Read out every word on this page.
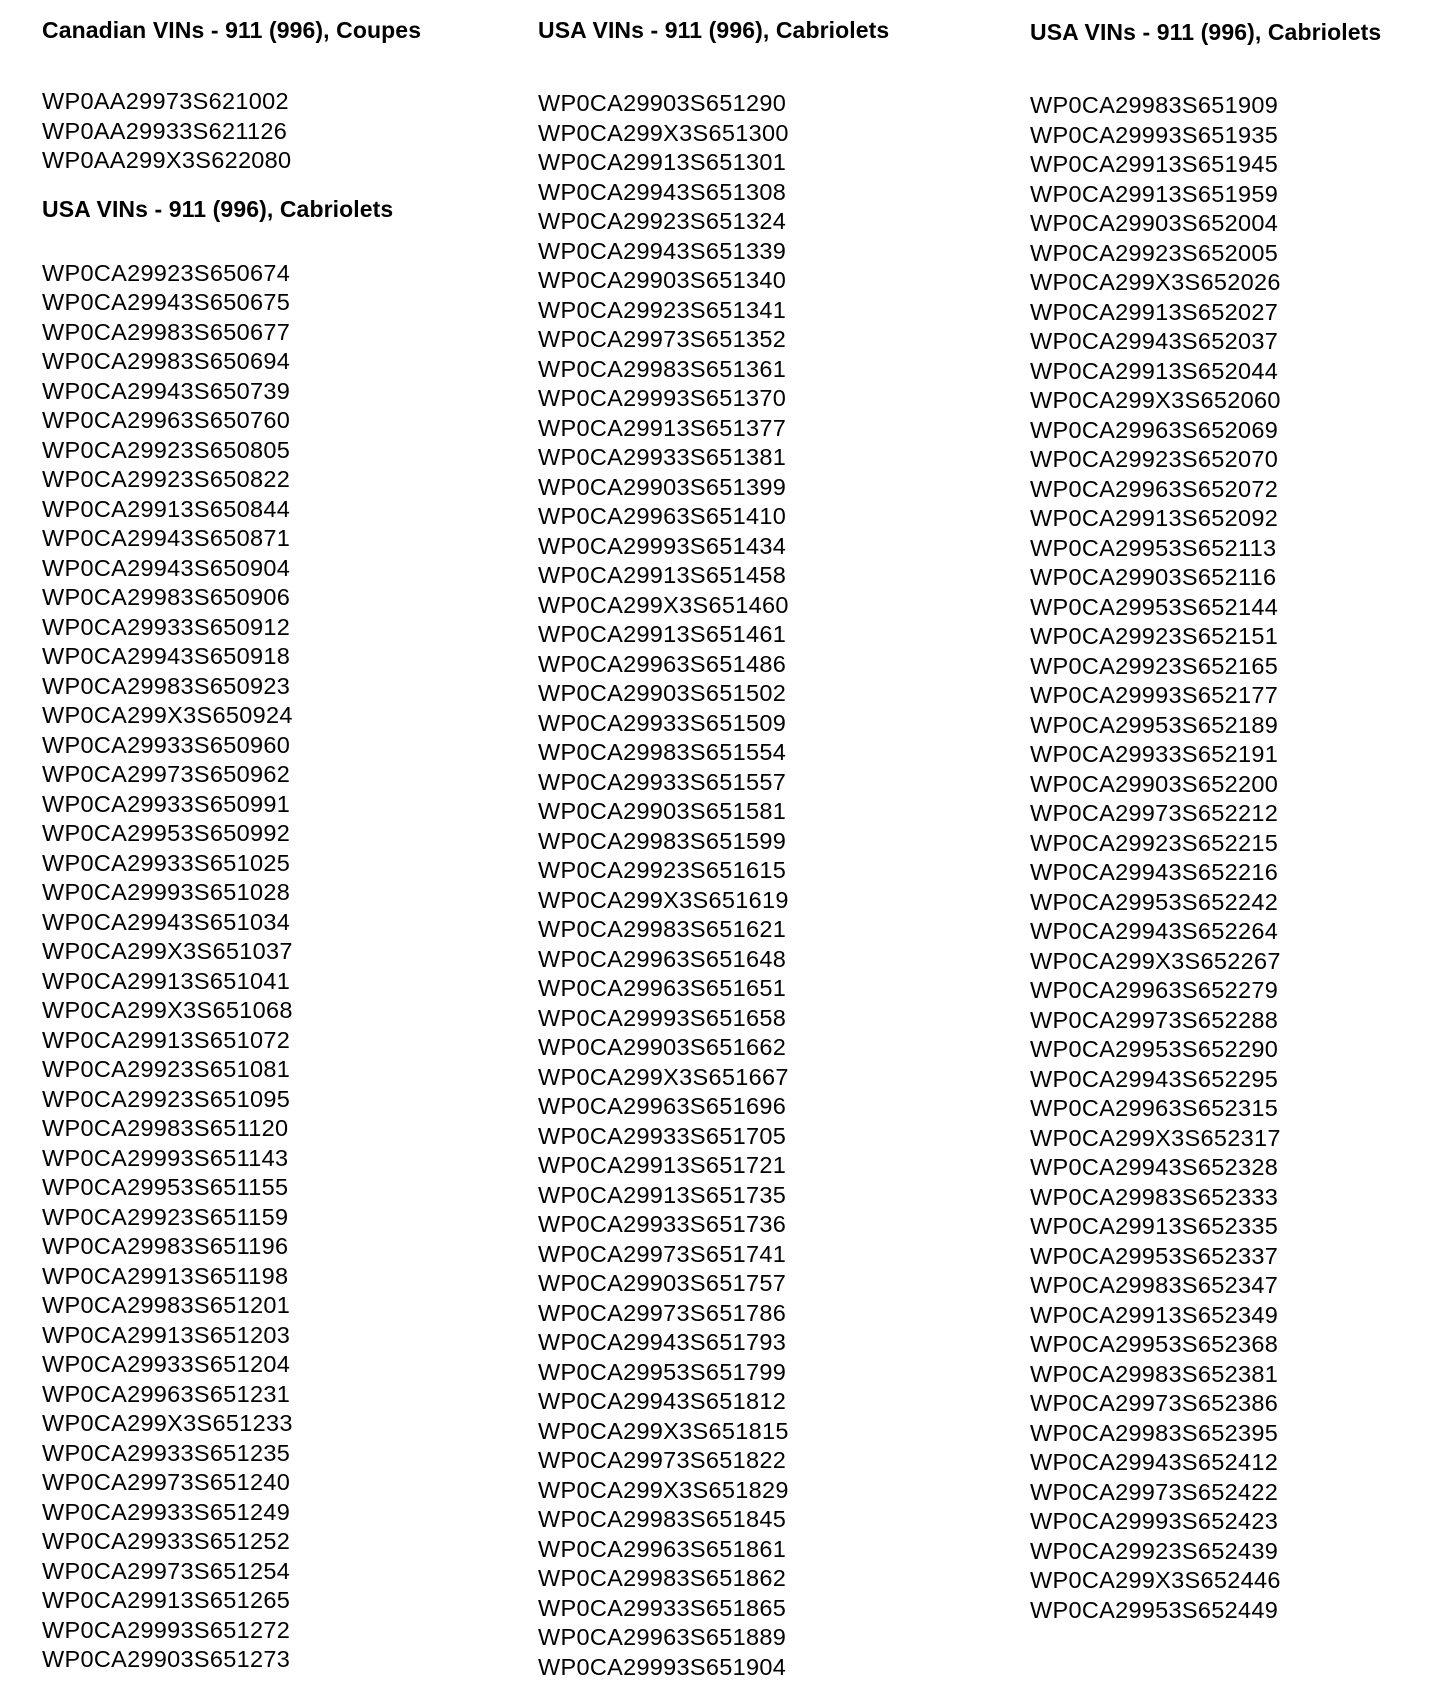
Canadian VINs - 911 (996), Coupes
WP0AA29973S621002
WP0AA29933S621126
WP0AA299X3S622080
USA VINs - 911 (996), Cabriolets
WP0CA29923S650674
WP0CA29943S650675
WP0CA29983S650677
WP0CA29983S650694
WP0CA29943S650739
WP0CA29963S650760
WP0CA29923S650805
WP0CA29923S650822
WP0CA29913S650844
WP0CA29943S650871
WP0CA29943S650904
WP0CA29983S650906
WP0CA29933S650912
WP0CA29943S650918
WP0CA29983S650923
WP0CA299X3S650924
WP0CA29933S650960
WP0CA29973S650962
WP0CA29933S650991
WP0CA29953S650992
WP0CA29933S651025
WP0CA29993S651028
WP0CA29943S651034
WP0CA299X3S651037
WP0CA29913S651041
WP0CA299X3S651068
WP0CA29913S651072
WP0CA29923S651081
WP0CA29923S651095
WP0CA29983S651120
WP0CA29993S651143
WP0CA29953S651155
WP0CA29923S651159
WP0CA29983S651196
WP0CA29913S651198
WP0CA29983S651201
WP0CA29913S651203
WP0CA29933S651204
WP0CA29963S651231
WP0CA299X3S651233
WP0CA29933S651235
WP0CA29973S651240
WP0CA29933S651249
WP0CA29933S651252
WP0CA29973S651254
WP0CA29913S651265
WP0CA29993S651272
WP0CA29903S651273
USA VINs - 911 (996), Cabriolets
WP0CA29903S651290
WP0CA299X3S651300
WP0CA29913S651301
WP0CA29943S651308
WP0CA29923S651324
WP0CA29943S651339
WP0CA29903S651340
WP0CA29923S651341
WP0CA29973S651352
WP0CA29983S651361
WP0CA29993S651370
WP0CA29913S651377
WP0CA29933S651381
WP0CA29903S651399
WP0CA29963S651410
WP0CA29993S651434
WP0CA29913S651458
WP0CA299X3S651460
WP0CA29913S651461
WP0CA29963S651486
WP0CA29903S651502
WP0CA29933S651509
WP0CA29983S651554
WP0CA29933S651557
WP0CA29903S651581
WP0CA29983S651599
WP0CA29923S651615
WP0CA299X3S651619
WP0CA29983S651621
WP0CA29963S651648
WP0CA29963S651651
WP0CA29993S651658
WP0CA29903S651662
WP0CA299X3S651667
WP0CA29963S651696
WP0CA29933S651705
WP0CA29913S651721
WP0CA29913S651735
WP0CA29933S651736
WP0CA29973S651741
WP0CA29903S651757
WP0CA29973S651786
WP0CA29943S651793
WP0CA29953S651799
WP0CA29943S651812
WP0CA299X3S651815
WP0CA29973S651822
WP0CA299X3S651829
WP0CA29983S651845
WP0CA29963S651861
WP0CA29983S651862
WP0CA29933S651865
WP0CA29963S651889
WP0CA29993S651904
USA VINs - 911 (996), Cabriolets
WP0CA29983S651909
WP0CA29993S651935
WP0CA29913S651945
WP0CA29913S651959
WP0CA29903S652004
WP0CA29923S652005
WP0CA299X3S652026
WP0CA29913S652027
WP0CA29943S652037
WP0CA29913S652044
WP0CA299X3S652060
WP0CA29963S652069
WP0CA29923S652070
WP0CA29963S652072
WP0CA29913S652092
WP0CA29953S652113
WP0CA29903S652116
WP0CA29953S652144
WP0CA29923S652151
WP0CA29923S652165
WP0CA29993S652177
WP0CA29953S652189
WP0CA29933S652191
WP0CA29903S652200
WP0CA29973S652212
WP0CA29923S652215
WP0CA29943S652216
WP0CA29953S652242
WP0CA29943S652264
WP0CA299X3S652267
WP0CA29963S652279
WP0CA29973S652288
WP0CA29953S652290
WP0CA29943S652295
WP0CA29963S652315
WP0CA299X3S652317
WP0CA29943S652328
WP0CA29983S652333
WP0CA29913S652335
WP0CA29953S652337
WP0CA29983S652347
WP0CA29913S652349
WP0CA29953S652368
WP0CA29983S652381
WP0CA29973S652386
WP0CA29983S652395
WP0CA29943S652412
WP0CA29973S652422
WP0CA29993S652423
WP0CA29923S652439
WP0CA299X3S652446
WP0CA29953S652449
